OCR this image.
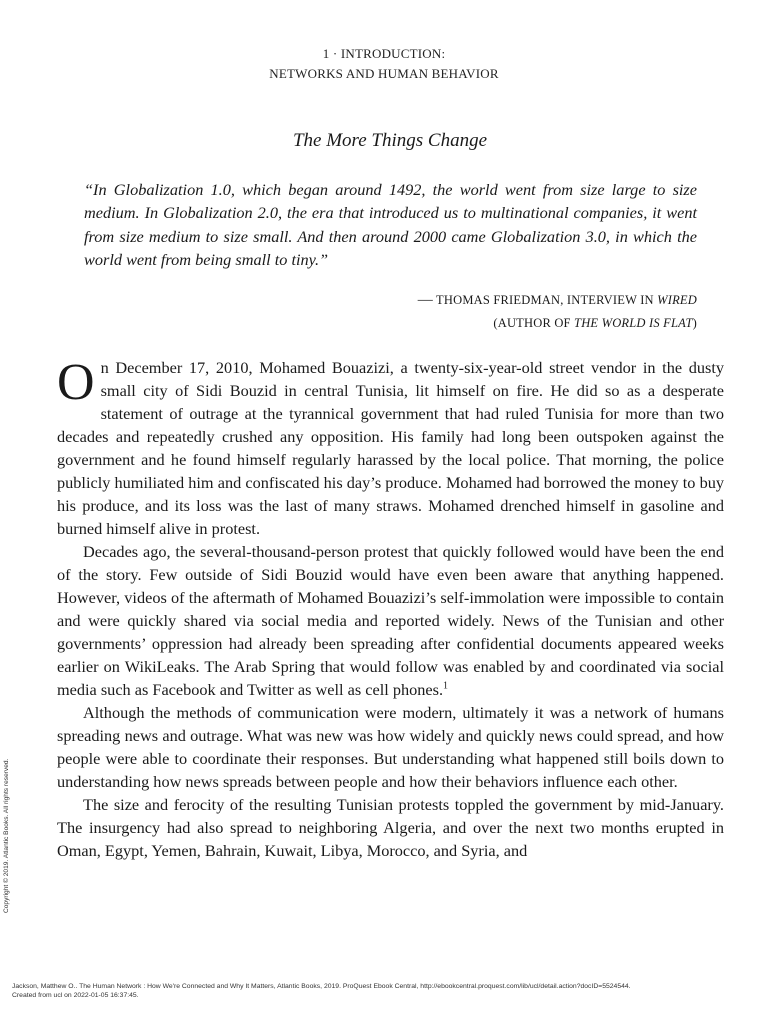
1 · INTRODUCTION:
NETWORKS AND HUMAN BEHAVIOR
The More Things Change

“In Globalization 1.0, which began around 1492, the world went from size large to size medium. In Globalization 2.0, the era that introduced us to multinational companies, it went from size medium to size small. And then around 2000 came Globalization 3.0, in which the world went from being small to tiny.”

— THOMAS FRIEDMAN, INTERVIEW IN WIRED
(AUTHOR OF THE WORLD IS FLAT)

On December 17, 2010, Mohamed Bouazizi, a twenty-six-year-old street vendor in the dusty small city of Sidi Bouzid in central Tunisia, lit himself on fire. He did so as a desperate statement of outrage at the tyrannical government that had ruled Tunisia for more than two decades and repeatedly crushed any opposition. His family had long been outspoken against the government and he found himself regularly harassed by the local police. That morning, the police publicly humiliated him and confiscated his day’s produce. Mohamed had borrowed the money to buy his produce, and its loss was the last of many straws. Mohamed drenched himself in gasoline and burned himself alive in protest.

Decades ago, the several-thousand-person protest that quickly followed would have been the end of the story. Few outside of Sidi Bouzid would have even been aware that anything happened. However, videos of the aftermath of Mohamed Bouazizi’s self-immolation were impossible to contain and were quickly shared via social media and reported widely. News of the Tunisian and other governments’ oppression had already been spreading after confidential documents appeared weeks earlier on WikiLeaks. The Arab Spring that would follow was enabled by and coordinated via social media such as Facebook and Twitter as well as cell phones.$^1$

Although the methods of communication were modern, ultimately it was a network of humans spreading news and outrage. What was new was how widely and quickly news could spread, and how people were able to coordinate their responses. But understanding what happened still boils down to understanding how news spreads between people and how their behaviors influence each other.

The size and ferocity of the resulting Tunisian protests toppled the government by mid-January. The insurgency had also spread to neighboring Algeria, and over the next two months erupted in Oman, Egypt, Yemen, Bahrain, Kuwait, Libya, Morocco, and Syria, and

Copyright © 2019. Atlantic Books. All rights reserved.
Jackson, Matthew O.. The Human Network : How We're Connected and Why It Matters, Atlantic Books, 2019. ProQuest Ebook Central, http://ebookcentral.proquest.com/lib/ucl/detail.action?docID=5524544.
Created from ucl on 2022-01-05 16:37:45.
